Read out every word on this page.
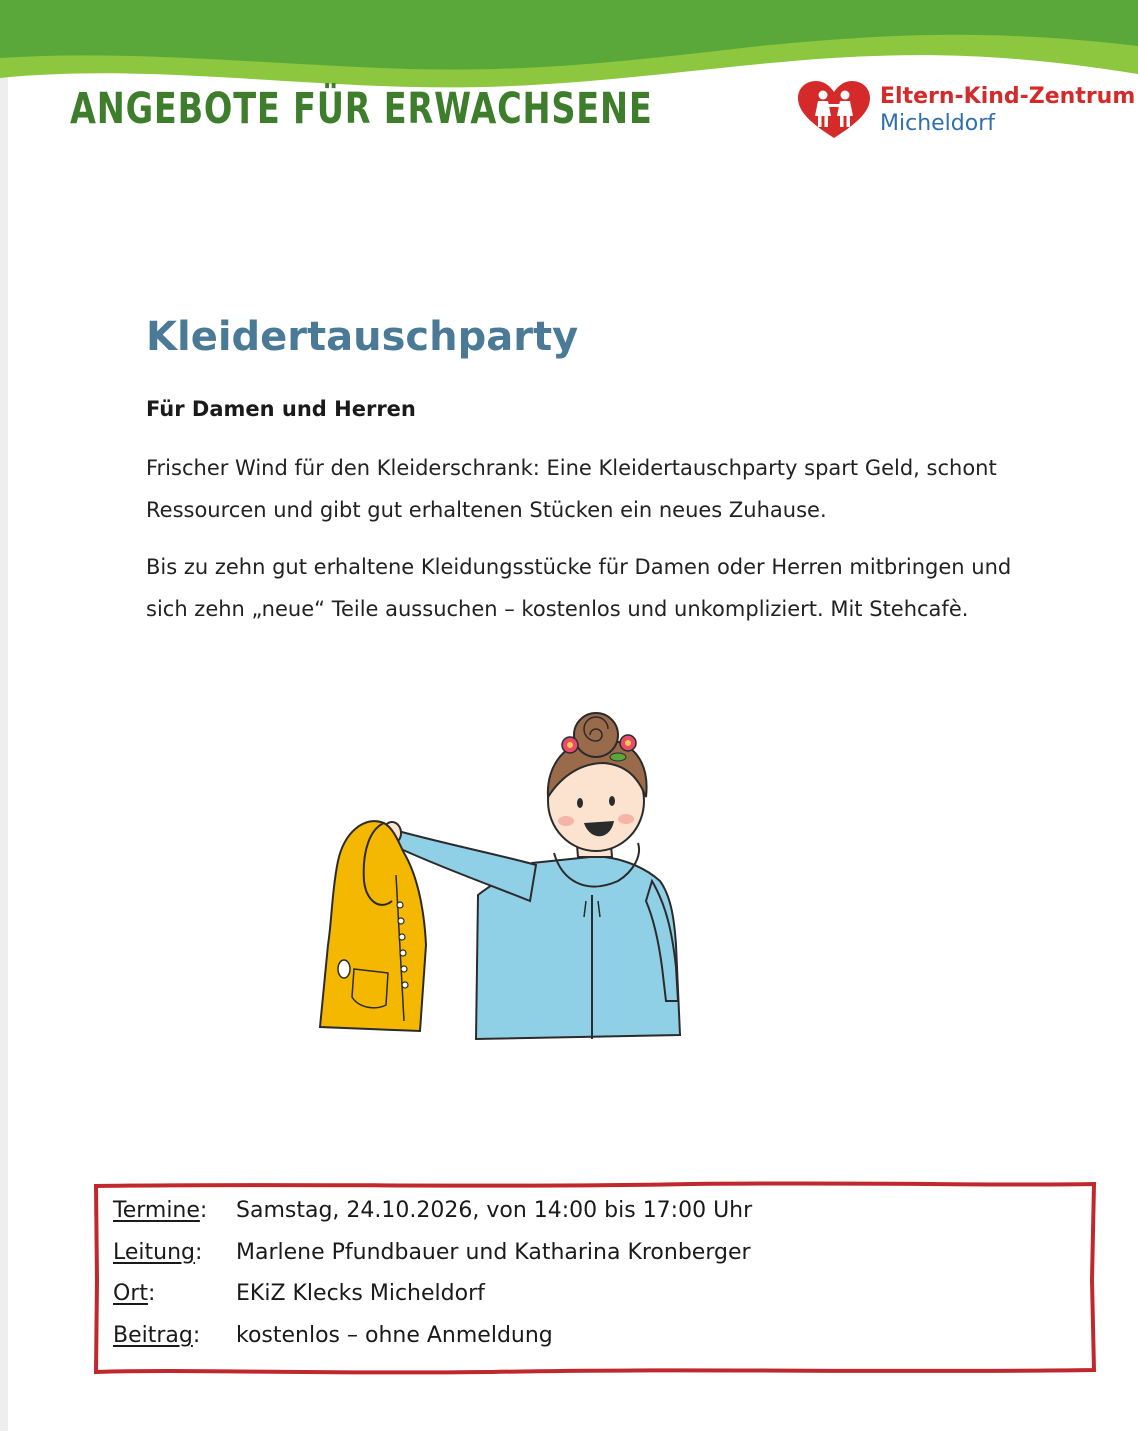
ANGEBOTE FÜR ERWACHSENE	Eltern-Kind-Zentrum
Micheldorf
Kleidertauschparty

Für Damen und Herren

Frischer Wind für den Kleiderschrank: Eine Kleidertauschparty spart Geld, schont Ressourcen und gibt gut erhaltenen Stücken ein neues Zuhause.

Bis zu zehn gut erhaltene Kleidungsstücke für Damen oder Herren mitbringen und sich zehn „neue“ Teile aussuchen – kostenlos und unkompliziert. Mit Stehcafè.

Termine: Samstag, 24.10.2026, von 14:00 bis 17:00 Uhr
Leitung: Marlene Pfundbauer und Katharina Kronberger
Ort:	EKiZ Klecks Micheldorf
Beitrag: kostenlos – ohne Anmeldung
